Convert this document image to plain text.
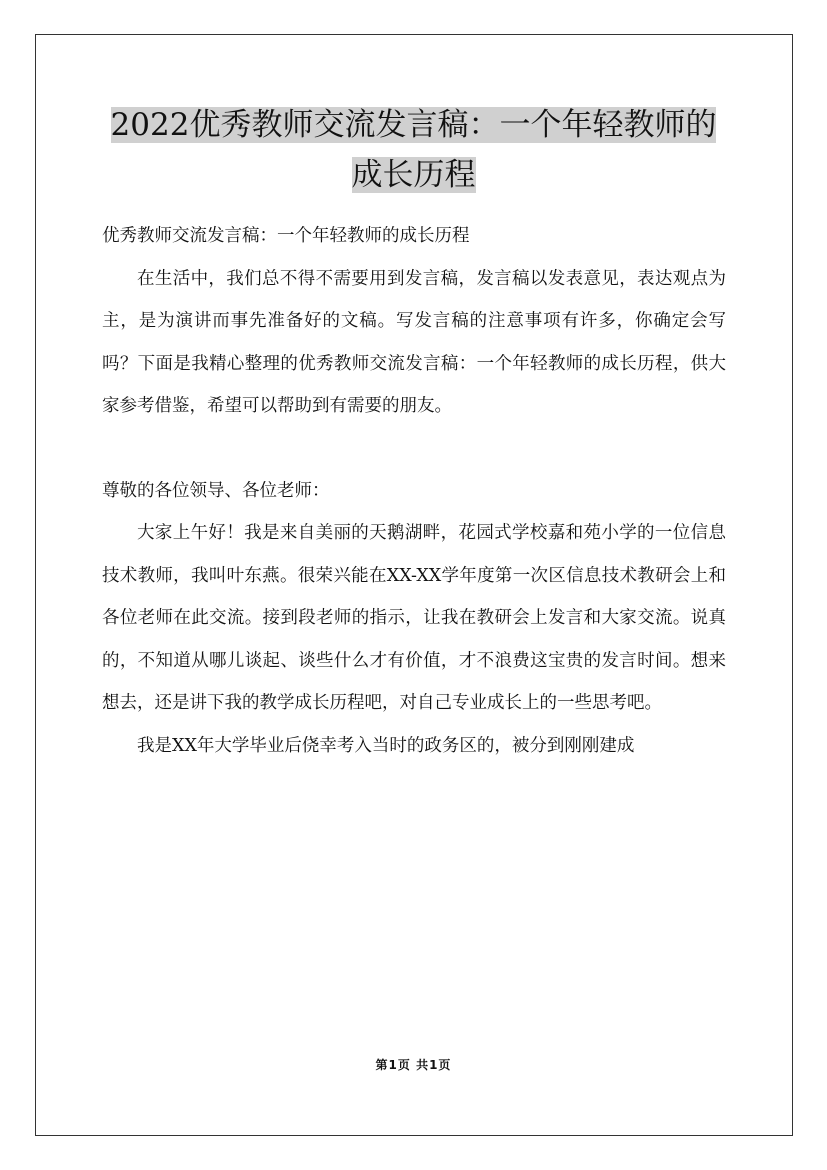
2022优秀教师交流发言稿：一个年轻教师的成长历程

优秀教师交流发言稿：一个年轻教师的成长历程

在生活中，我们总不得不需要用到发言稿，发言稿以发表意见，表达观点为主，是为演讲而事先准备好的文稿。写发言稿的注意事项有许多，你确定会写吗？下面是我精心整理的优秀教师交流发言稿：一个年轻教师的成长历程，供大家参考借鉴，希望可以帮助到有需要的朋友。

尊敬的各位领导、各位老师：

大家上午好！我是来自美丽的天鹅湖畔，花园式学校嘉和苑小学的一位信息技术教师，我叫叶东燕。很荣兴能在XX-XX学年度第一次区信息技术教研会上和各位老师在此交流。接到段老师的指示，让我在教研会上发言和大家交流。说真的，不知道从哪儿谈起、谈些什么才有价值，才不浪费这宝贵的发言时间。想来想去，还是讲下我的教学成长历程吧，对自己专业成长上的一些思考吧。

我是XX年大学毕业后侥幸考入当时的政务区的，被分到刚刚建成

第1页 共1页
